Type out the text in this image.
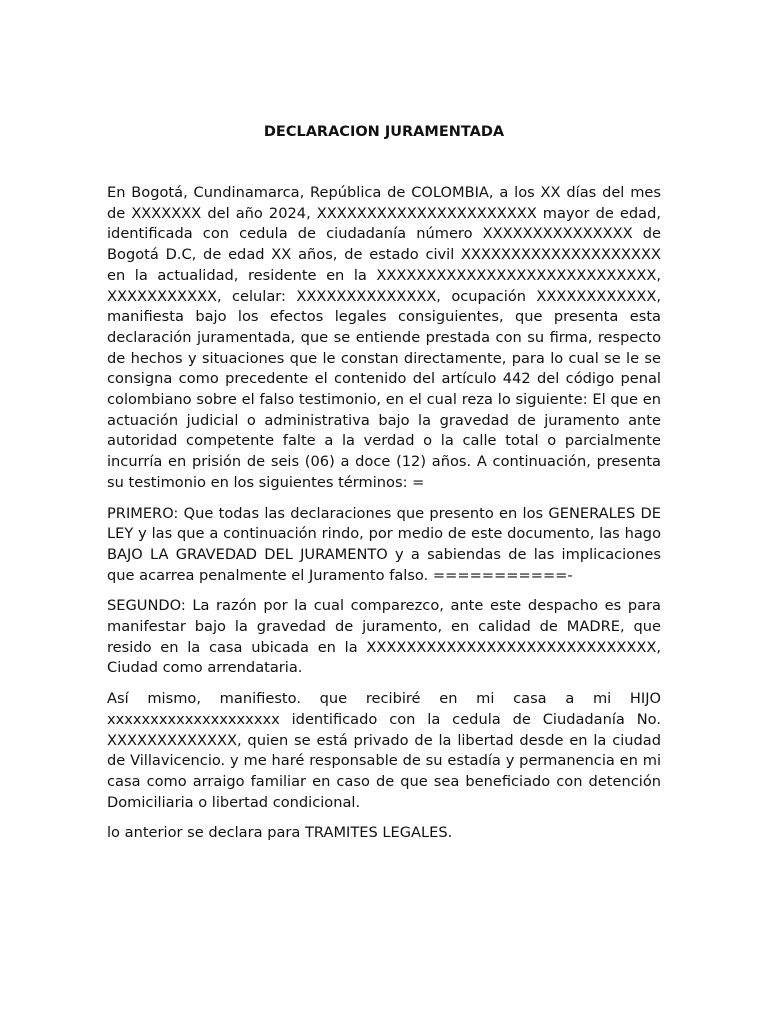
DECLARACION JURAMENTADA

En Bogotá, Cundinamarca, República de COLOMBIA, a los XX días del mes de XXXXXXX del año 2024, XXXXXXXXXXXXXXXXXXXXXX mayor de edad, identificada con cedula de ciudadanía número XXXXXXXXXXXXXXX de Bogotá D.C, de edad XX años, de estado civil XXXXXXXXXXXXXXXXXXXX en la actualidad, residente en la XXXXXXXXXXXXXXXXXXXXXXXXXXXX, XXXXXXXXXXX, celular: XXXXXXXXXXXXXX, ocupación XXXXXXXXXXXX, manifiesta bajo los efectos legales consiguientes, que presenta esta declaración juramentada, que se entiende prestada con su firma, respecto de hechos y situaciones que le constan directamente, para lo cual se le se consigna como precedente el contenido del artículo 442 del código penal colombiano sobre el falso testimonio, en el cual reza lo siguiente: El que en actuación judicial o administrativa bajo la gravedad de juramento ante autoridad competente falte a la verdad o la calle total o parcialmente incurría en prisión de seis (06) a doce (12) años. A continuación, presenta su testimonio en los siguientes términos: =

PRIMERO: Que todas las declaraciones que presento en los GENERALES DE LEY y las que a continuación rindo, por medio de este documento, las hago BAJO LA GRAVEDAD DEL JURAMENTO y a sabiendas de las implicaciones que acarrea penalmente el Juramento falso. ===========-

SEGUNDO: La razón por la cual comparezco, ante este despacho es para manifestar bajo la gravedad de juramento, en calidad de MADRE, que resido en la casa ubicada en la XXXXXXXXXXXXXXXXXXXXXXXXXXXXX, Ciudad como arrendataria.

Así mismo, manifiesto. que recibiré en mi casa a mi HIJO xxxxxxxxxxxxxxxxxxxx identificado con la cedula de Ciudadanía No. XXXXXXXXXXXXX, quien se está privado de la libertad desde en la ciudad de Villavicencio. y me haré responsable de su estadía y permanencia en mi casa como arraigo familiar en caso de que sea beneficiado con detención Domiciliaria o libertad condicional.

lo anterior se declara para TRAMITES LEGALES.
